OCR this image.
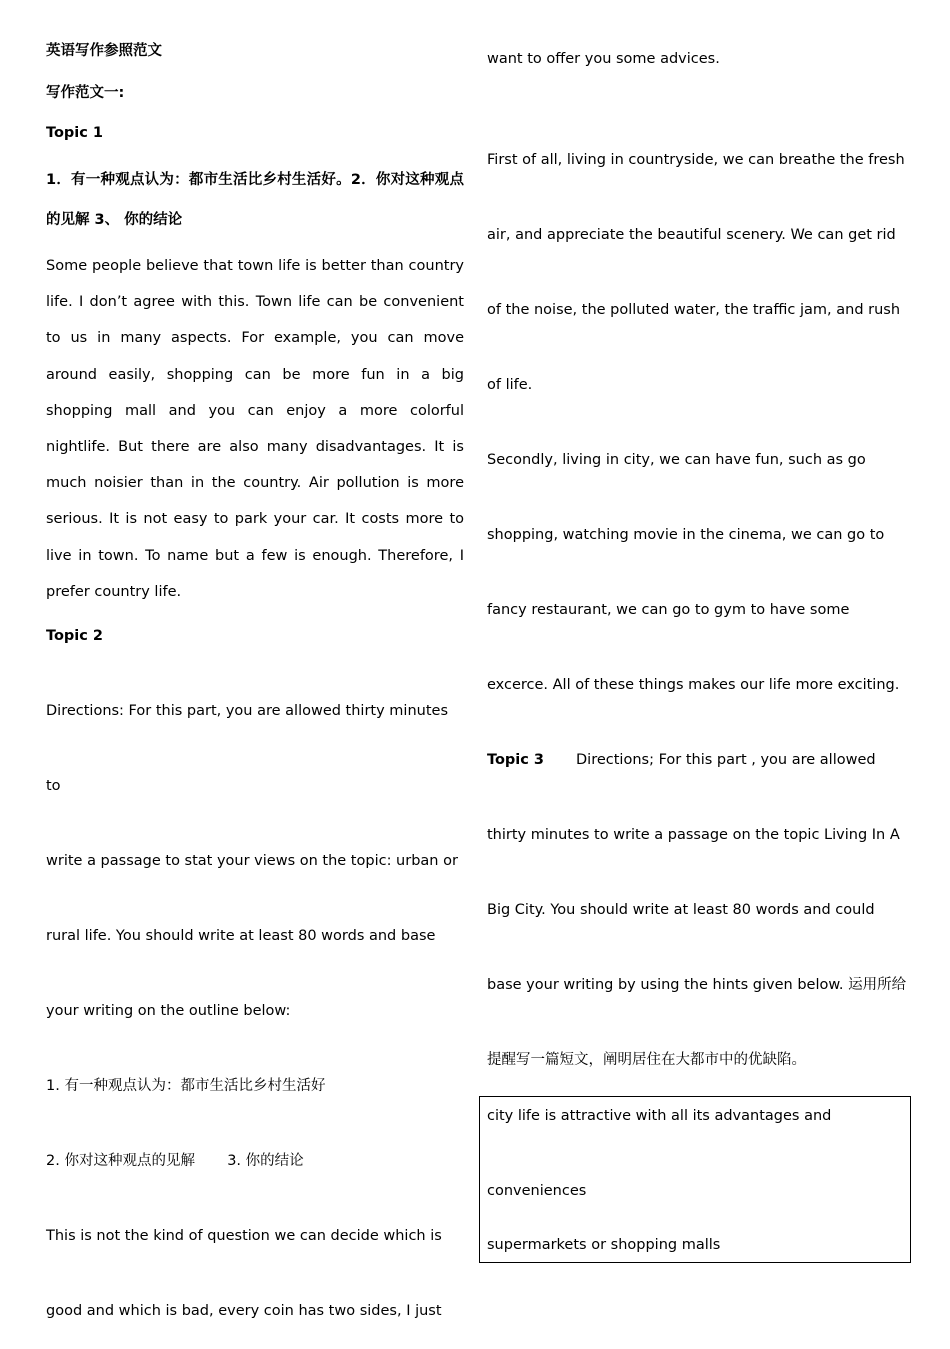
英语写作参照范文
写作范文一:
Topic 1
1．有一种观点认为：都市生活比乡村生活好。2．你对这种观点的见解 3、 你的结论

Some people believe that town life is better than country life. I don’t agree with this. Town life can be convenient to us in many aspects. For example, you can move around easily, shopping can be more fun in a big shopping mall and you can enjoy a more colorful nightlife. But there are also many disadvantages. It is much noisier than in the country. Air pollution is more serious. It is not easy to park your car. It costs more to live in town. To name but a few is enough. Therefore, I prefer country life.

Topic 2

Directions: For this part, you are allowed thirty minutes to

write a passage to stat your views on the topic: urban or

rural life. You should write at least 80 words and base

your writing on the outline below:

1. 有一种观点认为：都市生活比乡村生活好

2. 你对这种观点的见解       3. 你的结论

This is not the kind of question we can decide which is

good and which is bad, every coin has two sides, I just

want to offer you some advices.

First of all, living in countryside, we can breathe the fresh

air, and appreciate the beautiful scenery. We can get rid

of the noise, the polluted water, the traffic jam, and rush

of life.

Secondly, living in city, we can have fun, such as go

shopping, watching movie in the cinema, we can go to

fancy restaurant, we can go to gym to have some

excerce. All of these things makes our life more exciting.

Topic 3 Directions; For this part , you are allowed

thirty minutes to write a passage on the topic Living In A

Big City. You should write at least 80 words and could

base your writing by using the hints given below. 运用所给

提醒写一篇短文，阐明居住在大都市中的优缺陷。

city life is attractive with all its advantages and
conveniences
supermarkets or shopping malls
